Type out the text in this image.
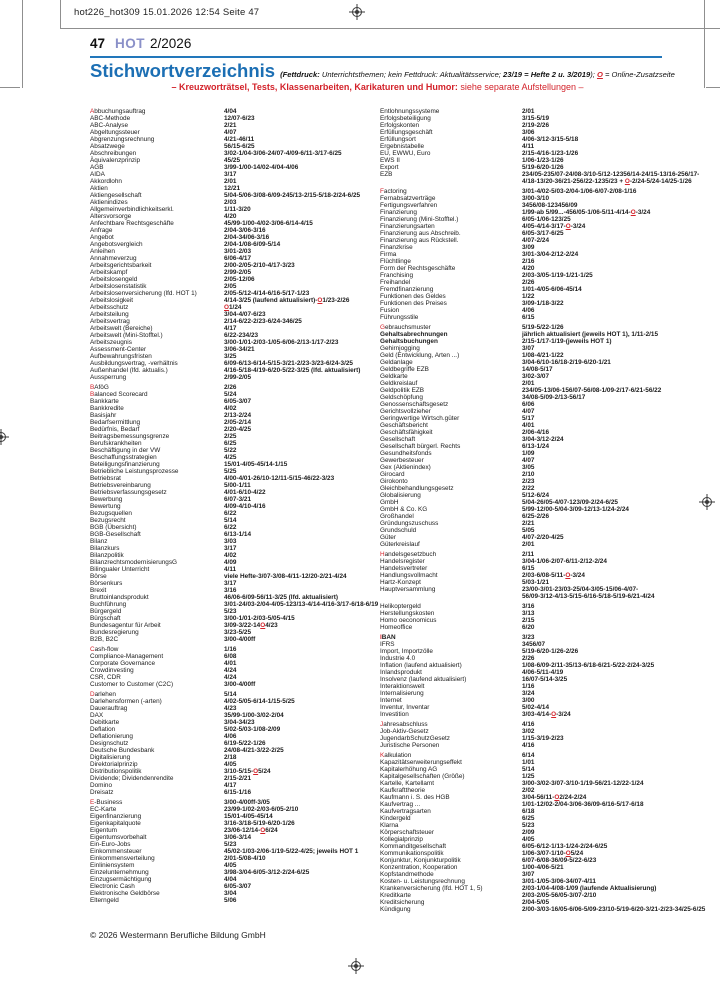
hot226_hot309 15.01.2026 12:54 Seite 47
47 HOT 2/2026
Stichwortverzeichnis (Fettdruck: Unterrichtsthemen; kein Fettdruck: Aktualitätsservice; 23/19 = Hefte 2 u. 3/2019); O = Online-Zusatzseite
– Kreuzworträtsel, Tests, Klassenarbeiten, Karikaturen und Humor: siehe separate Aufstellungen –
Abbuchungsauftrag	4/04
ABC-Methode	12/07-6/23
ABC-Analyse	2/21
Abgeltungssteuer	4/07
Abgrenzungsrechnung	4/21-46/11
Absatzwege	56/15-6/25
Abschreibungen	3/02-1/04-3/06-24/07-4/09-6/11-3/17-6/25
Äquivalenzprinzip	45/25
AGB	3/99-1/00-14/02-4/04-4/06
AIDA	3/17
Akkordlohn	2/01
Aktien	12/21
Aktiengesellschaft	5/04-5/06-3/08-6/09-245/13-2/15-5/18-2/24-6/25
Aktienindizes	2/03
Allgemeinverbindlichkeitserkl.	1/11-3/20
Altersvorsorge	4/20
Anfechtbare Rechtsgeschäfte	45/99-1/00-4/02-3/06-6/14-4/15
Anfrage	2/04-3/06-3/16
Angebot	2/04-34/06-3/16
Angebotsvergleich	2/04-1/08-6/09-5/14
Anleihen	3/01-2/03
Annahmeverzug	6/06-4/17
Arbeitsgerichtsbarkeit	2/00-2/05-2/10-4/17-3/23
Arbeitskampf	2/99-2/05
Arbeitslosengeld	2/05-12/06
Arbeitslosenstatistik	2/05
Arbeitslosenversicherung (lfd. HOT 1)	2/05-5/12-4/14-6/16-5/17-1/23
Arbeitslosigkeit	4/14-3/25 (laufend aktualisiert)-O1/23-2/26
Arbeitsschutz	O1/24
Arbeitsteilung	3/04-4/07-6/23
Arbeitsvertrag	2/14-6/22-2/23-6/24-346/25
Arbeitswelt (Bereiche)	4/17
Arbeitswelt (Mini-Stofftel.)	6/22-234/23
Arbeitszeugnis	3/00-1/01-2/03-1/05-6/06-2/13-1/17-2/23
Assessment-Center	3/06-34/21
Aufbewahrungsfristen	3/25
Ausbildungsvertrag, -verhältnis	6/09-6/13-6/14-5/15-3/21-2/23-3/23-6/24-3/25
Außenhandel (lfd. aktualis.)	4/16-5/18-4/19-6/20-5/22-3/25 (lfd. aktualisiert)
Aussperrung	2/99-2/05
BAföG	2/26
Balanced Scorecard	5/24
Bankkarte	6/05-3/07
Bankkredite	4/02
Basisjahr	2/13-2/24
Bedarfsermittlung	2/05-2/14
Bedürfnis, Bedarf	2/20-4/25
Beitragsbemessungsgrenze	2/25
Berufskrankheiten	6/25
Beschäftigung in der VW	5/22
Beschaffungsstrategien	4/25
Beteiligungsfinanzierung	15/01-4/05-45/14-1/15
Betriebliche Leistungsprozesse	5/25
Betriebsrat	4/00-4/01-26/10-12/11-5/15-46/22-3/23
Betriebsvereinbarung	5/00-1/11
Betriebsverfassungsgesetz	4/01-6/10-4/22
Bewerbung	6/07-3/21
Bewertung	4/09-4/10-4/16
Bezugsquellen	6/22
Bezugsrecht	5/14
BGB (Übersicht)	6/22
BGB-Gesellschaft	6/13-1/14
Bilanz	3/03
Bilanzkurs	3/17
Bilanzpolitik	4/02
BilanzrechtsmodernisierungsG	4/09
Bilingualer Unterricht	4/11
Börse	viele Hefte-3/07-3/08-4/11-12/20-2/21-4/24
Börsenkurs	3/17
Brexit	3/16
Bruttoinlandsprodukt	46/06-6/09-56/11-3/25 (lfd. aktualisiert)
Buchführung	3/01-24/03-2/04-4/05-123/13-4/14-4/16-3/17-6/18-6/19
Bürgergeld	5/23
Bürgschaft	3/00-1/01-2/03-5/05-4/15
Bundesagentur für Arbeit	3/09-3/22-14O4/23
Bundesregierung	3/23-5/25
B2B, B2C	3/00-4/00ff
Cash-flow	1/16
Compliance-Management	6/08
Corporate Governance	4/01
Crowdinvesting	4/24
CSR, CDR	4/24
Customer to Customer (C2C)	3/00-4/00ff
Darlehen	5/14
Darlehensformen (-arten)	4/02-5/05-6/14-1/15-5/25
Dauerauftrag	4/23
DAX	35/99-1/00-3/02-2/04
Debitkarte	3/04-34/23
Deflation	5/02-5/03-1/08-2/09
Deflationierung	4/06
Designschutz	6/19-5/22-1/26
Deutsche Bundesbank	24/08-4/21-3/22-2/25
Digitalisierung	2/18
Direktorialprinzip	4/05
Distributionspolitik	3/10-5/15-O5/24
Dividende; Dividendenrendite	2/15-2/21
Domino	4/17
Dreisatz	6/15-1/16
E-Business	3/00-4/00ff-3/05
EC-Karte	23/99-1/02-2/03-6/05-2/10
Eigenfinanzierung	15/01-4/05-45/14
Eigenkapitalquote	3/16-3/18-5/19-6/20-1/26
Eigentum	23/06-12/14-O6/24
Eigentumsvorbehalt	3/06-3/14
Ein-Euro-Jobs	5/23
Einkommensteuer	45/02-1/03-2/06-1/19-5/22-4/25; jeweils HOT 1
Einkommensverteilung	2/01-5/08-4/10
Einliniensystem	4/05
Einzelunternehmung	3/98-3/04-6/05-3/12-2/24-6/25
Einzugsermächtigung	4/04
Electronic Cash	6/05-3/07
Elektronische Geldbörse	3/04
Elterngeld	5/06
Entlohnungssysteme	2/01
Erfolgsbeteiligung	3/15-5/19
Erfolgskonten	2/19-2/26
Erfüllungsgeschäft	3/06
Erfüllungsort	4/06-3/12-3/15-5/18
Ergebnistabelle	4/11
EU, EWWU, Euro	2/15-4/16-1/23-1/26
EWS II	1/06-1/23-1/26
Export	5/19-6/20-1/26
EZB	234/05-235/07-24/08-3/10-5/12-12356/14-24/15-13/16-256/17-

4/18-13/20-36/21-256/22-1235/23 + O-2/24-5/24-14/25-1/26
Factoring	3/01-4/02-5/03-2/04-1/06-6/07-2/08-1/16
Fernabsatzverträge	3/00-3/10
Fertigungsverfahren	3456/08-123456/09
Finanzierung	1/99-ab 5/99...-456/05-1/06-5/11-4/14-O-3/24
Finanzierung (Mini-Stofftel.)	6/05-1/06-123/25
Finanzierungsarten	4/05-4/14-3/17-O-3/24
Finanzierung aus Abschreib.	6/05-3/17-6/25
Finanzierung aus Rückstell.	4/07-2/24
Finanzkrise	3/09
Firma	3/01-3/04-2/12-2/24
Flüchtlinge	2/16
Form der Rechtsgeschäfte	4/20
Franchising	2/03-3/05-1/19-1/21-1/25
Freihandel	2/26
Fremdfinanzierung	1/01-4/05-6/06-45/14
Funktionen des Geldes	1/22
Funktionen des Preises	3/09-1/18-3/22
Fusion	4/06
Führungsstile	6/15
Gebrauchsmuster	5/19-5/22-1/26
Gehaltsabrechnungen	jährlich aktualisiert (jeweils HOT 1), 1/11-2/15
Gehaltsbuchungen	2/15-1/17-1/19-(jeweils HOT 1)
Gehirnjogging	3/07
Geld (Entwicklung, Arten ...)	1/08-4/21-1/22
Geldanlage	3/04-6/10-16/18-2/19-6/20-1/21
Geldbegriffe EZB	14/08-5/17
Geldkarte	3/02-3/07
Geldkreislauf	2/01
Geldpolitik EZB	234/05-13/06-156/07-56/08-1/09-2/17-6/21-56/22
Geldschöpfung	34/08-5/09-2/13-56/17
Genossenschaftsgesetz	6/06
Gerichtsvollzieher	4/07
Geringwertige Wirtsch.güter	5/17
Geschäftsbericht	4/01
Geschäftsfähigkeit	2/06-4/16
Gesellschaft	3/04-3/12-2/24
Gesellschaft bürgerl. Rechts	6/13-1/24
Gesundheitsfonds	1/09
Gewerbesteuer	4/07
Gex (Aktienindex)	3/05
Girocard	2/10
Girokonto	2/23
Gleichbehandlungsgesetz	2/22
Globalisierung	5/12-6/24
GmbH	5/04-26/05-4/07-123/09-2/24-6/25
GmbH & Co. KG	5/99-12/00-5/04-3/09-12/13-1/24-2/24
Großhandel	6/25-2/26
Gründungszuschuss	2/21
Grundschuld	5/05
Güter	4/07-2/20-4/25
Güterkreislauf	2/01
Handelsgesetzbuch	2/11
Handelsregister	3/04-1/06-2/07-6/11-2/12-2/24
Handelsvertreter	6/15
Handlungsvollmacht	2/03-6/08-5/11-O-3/24
Hartz-Konzept	5/03-1/21
Hauptversammlung	23/00-3/01-23/03-25/04-3/05-15/06-4/07-

56/09-3/12-4/13-5/15-6/16-5/18-5/19-6/21-4/24
Helikoptergeld	3/16
Herstellungskosten	3/13
Homo oeconomicus	2/15
Homeoffice	6/20
IBAN	3/23
IFRS	3456/07
Import, Importzölle	5/19-6/20-1/26-2/26
Industrie 4.0	2/26
Inflation (laufend aktualisiert)	1/08-6/09-2/11-35/13-6/18-6/21-5/22-2/24-3/25
Inlandsprodukt	4/06-5/11-4/19
Insolvenz (laufend aktualisiert)	16/07-5/14-3/25
Interaktionswelt	1/16
Internalisierung	3/24
Internet	3/00
Inventur, Inventar	5/02-4/14
Investition	3/03-4/14-O-3/24
Jahresabschluss	4/16
Job-Aktiv-Gesetz	3/02
JugendarbSchutzGesetz	1/15-3/19-2/23
Juristische Personen	4/16
Kalkulation	6/14
Kapazitätserweiterungseffekt	1/01
Kapitalerhöhung AG	5/14
Kapitalgesellschaften (Größe)	1/25
Kartelle, Kartellamt	3/00-3/02-3/07-3/10-1/19-56/21-12/22-1/24
Kaufkrafttheorie	2/02
Kaufmann i. S. des HGB	3/04-56/11-O2/24-2/24
Kaufvertrag ...	1/01-12/02-2/04-3/06-36/09-6/16-5/17-6/18
Kaufvertragsarten	6/18
Kindergeld	6/25
Klarna	5/23
Körperschaftsteuer	2/09
Kollegialprinzip	4/05
Kommanditgesellschaft	6/05-6/12-1/13-1/24-2/24-6/25
Kommunikationspolitik	1/06-3/07-1/10-O5/24
Konjunktur, Konjunkturpolitik	6/07-6/08-36/09-5/22-6/23
Konzentration, Kooperation	1/00-4/06-5/21
Kopfstandmethode	3/07
Kosten- u. Leistungsrechnung	3/01-1/05-3/06-34/07-4/11
Krankenversicherung (lfd. HOT 1, 5)	2/03-1/04-4/08-1/09 (laufende Aktualisierung)
Kreditkarte	2/03-2/05-56/05-3/07-2/10
Kreditsicherung	2/04-5/05
Kündigung	2/00-3/03-16/05-6/06-5/09-23/10-5/19-6/20-3/21-2/23-34/25-6/25
© 2026 Westermann Berufliche Bildung GmbH
